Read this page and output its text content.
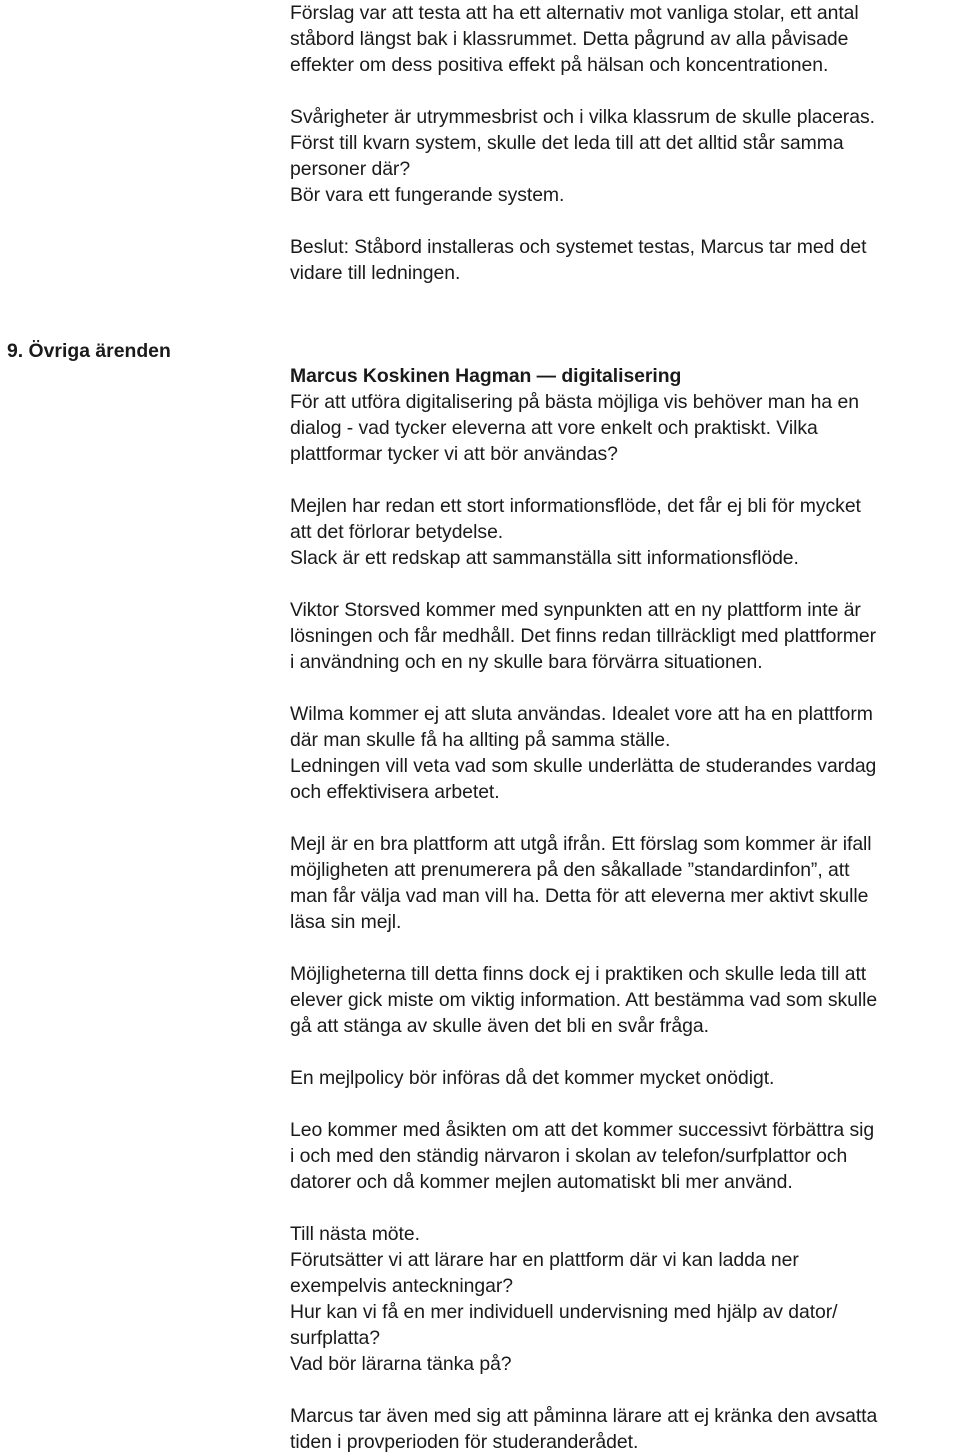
Förslag var att testa att ha ett alternativ mot vanliga stolar, ett antal
ståbord längst bak i klassrummet. Detta pågrund av alla påvisade
effekter om dess positiva effekt på hälsan och koncentrationen.
Svårigheter är utrymmesbrist och i vilka klassrum de skulle placeras.
Först till kvarn system, skulle det leda till att det alltid står samma
personer där?
Bör vara ett fungerande system.
Beslut: Ståbord installeras och systemet testas, Marcus tar med det
vidare till ledningen.
9. Övriga ärenden
Marcus Koskinen Hagman — digitalisering
För att utföra digitalisering på bästa möjliga vis behöver man ha en
dialog - vad tycker eleverna att vore enkelt och praktiskt. Vilka
plattformar tycker vi att bör användas?
Mejlen har redan ett stort informationsflöde, det får ej bli för mycket
att det förlorar betydelse.
Slack är ett redskap att sammanställa sitt informationsflöde.
Viktor Storsved kommer med synpunkten att en ny plattform inte är
lösningen och får medhåll. Det finns redan tillräckligt med plattformer
i användning och en ny skulle bara förvärra situationen.
Wilma kommer ej att sluta användas. Idealet vore att ha en plattform
där man skulle få ha allting på samma ställe.
Ledningen vill veta vad som skulle underlätta de studerandes vardag
och effektivisera arbetet.
Mejl är en bra plattform att utgå ifrån. Ett förslag som kommer är ifall
möjligheten att prenumerera på den såkallade ”standardinfon”, att
man får välja vad man vill ha. Detta för att eleverna mer aktivt skulle
läsa sin mejl.
Möjligheterna till detta finns dock ej i praktiken och skulle leda till att
elever gick miste om viktig information. Att bestämma vad som skulle
gå att stänga av skulle även det bli en svår fråga.
En mejlpolicy bör införas då det kommer mycket onödigt.
Leo kommer med åsikten om att det kommer successivt förbättra sig
i och med den ständig närvaron i skolan av telefon/surfplattor och
datorer och då kommer mejlen automatiskt bli mer använd.
Till nästa möte.
Förutsätter vi att lärare har en plattform där vi kan ladda ner
exempelvis anteckningar?
Hur kan vi få en mer individuell undervisning med hjälp av dator/
surfplatta?
Vad bör lärarna tänka på?
Marcus tar även med sig att påminna lärare att ej kränka den avsatta
tiden i provperioden för studeranderådet.
